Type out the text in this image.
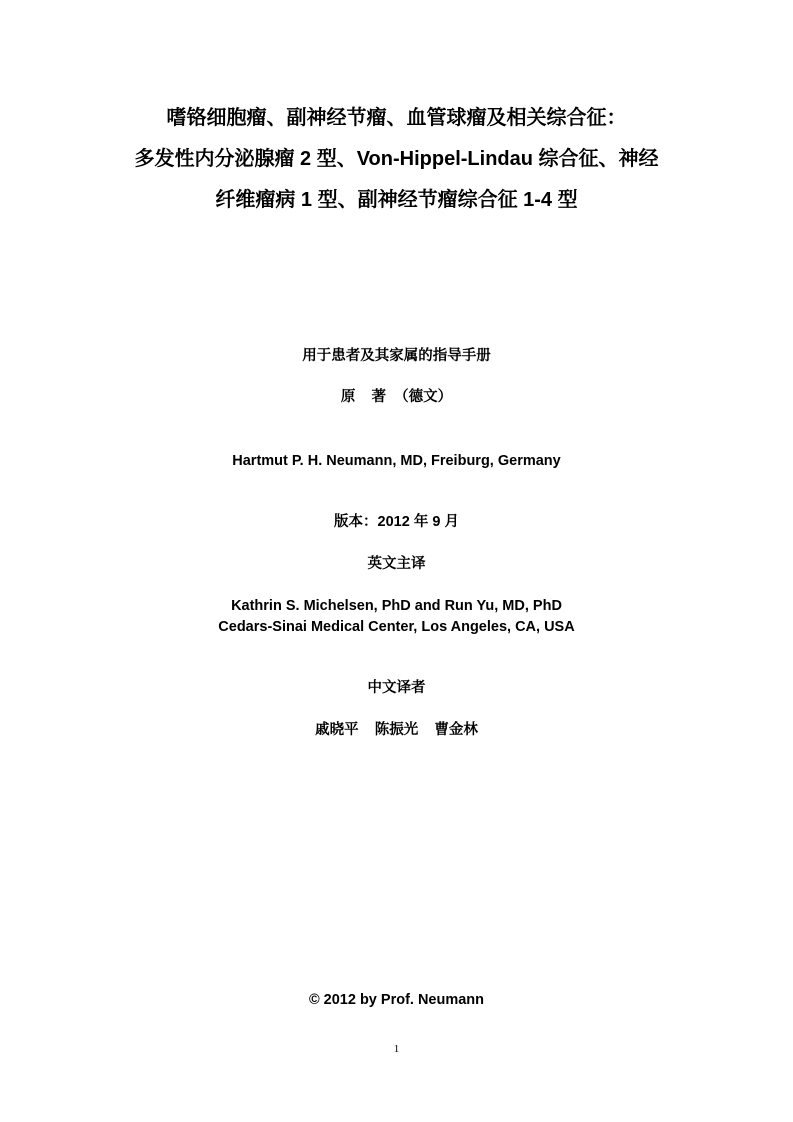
嗜铬细胞瘤、副神经节瘤、血管球瘤及相关综合征：
多发性内分泌腺瘤 2 型、Von-Hippel-Lindau 综合征、神经
纤维瘤病 1 型、副神经节瘤综合征 1-4 型
用于患者及其家属的指导手册
原    著  （德文）
Hartmut P. H. Neumann, MD, Freiburg, Germany
版本：2012 年 9 月
英文主译
Kathrin S. Michelsen, PhD and Run Yu, MD, PhD
Cedars-Sinai Medical Center, Los Angeles, CA, USA
中文译者
戚晓平    陈振光    曹金林
© 2012 by Prof. Neumann
1
